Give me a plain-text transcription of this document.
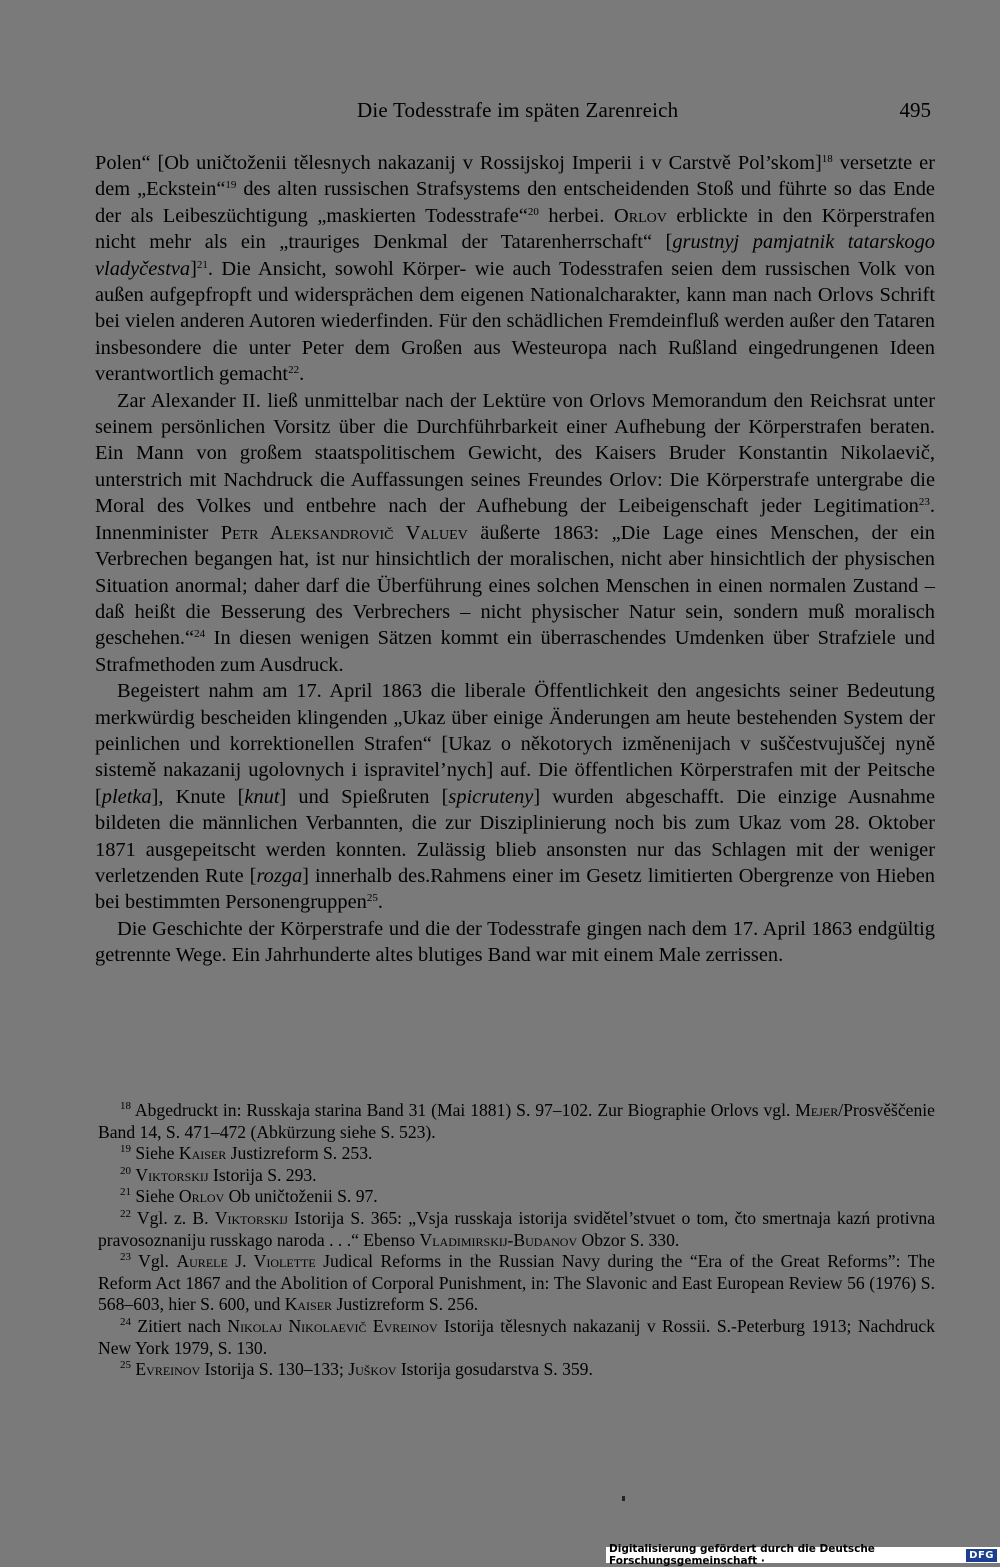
Die Todesstrafe im späten Zarenreich	495

Polen“ [Ob uničtoženii tělesnych nakazanij v Rossijskoj Imperii i v Carstvě Pol’skom]$^{18}$ versetzte er dem „Eckstein“$^{19}$ des alten russischen Strafsystems den entscheidenden Stoß und führte so das Ende der als Leibeszüchtigung „maskierten Todesstrafe“$^{20}$ herbei. Orlov erblickte in den Körperstrafen nicht mehr als ein „trauriges Denkmal der Tatarenherrschaft“ [grustnyj pamjatnik tatarskogo vladyčestva]$^{21}$. Die Ansicht, sowohl Körper- wie auch Todesstrafen seien dem russischen Volk von außen aufgepfropft und widersprächen dem eigenen Nationalcharakter, kann man nach Orlovs Schrift bei vielen anderen Autoren wiederfinden. Für den schädlichen Fremdeinfluß werden außer den Tataren insbesondere die unter Peter dem Großen aus Westeuropa nach Rußland eingedrungenen Ideen verantwortlich gemacht$^{22}$.

Zar Alexander II. ließ unmittelbar nach der Lektüre von Orlovs Memorandum den Reichsrat unter seinem persönlichen Vorsitz über die Durchführbarkeit einer Aufhebung der Körperstrafen beraten. Ein Mann von großem staatspolitischem Gewicht, des Kaisers Bruder Konstantin Nikolaevič, unterstrich mit Nachdruck die Auffassungen seines Freundes Orlov: Die Körperstrafe untergrabe die Moral des Volkes und entbehre nach der Aufhebung der Leibeigenschaft jeder Legitimation$^{23}$. Innenminister Petr Aleksandrovič Valuev äußerte 1863: „Die Lage eines Menschen, der ein Verbrechen begangen hat, ist nur hinsichtlich der moralischen, nicht aber hinsichtlich der physischen Situation anormal; daher darf die Überführung eines solchen Menschen in einen normalen Zustand – daß heißt die Besserung des Verbrechers – nicht physischer Natur sein, sondern muß moralisch geschehen.“$^{24}$ In diesen wenigen Sätzen kommt ein überraschendes Umdenken über Strafziele und Strafmethoden zum Ausdruck.

Begeistert nahm am 17. April 1863 die liberale Öffentlichkeit den angesichts seiner Bedeutung merkwürdig bescheiden klingenden „Ukaz über einige Änderungen am heute bestehenden System der peinlichen und korrektionellen Strafen“ [Ukaz o někotorych izměnenijach v suščestvujuščej nyně sistemě nakazanij ugolovnych i ispravitel’nych] auf. Die öffentlichen Körperstrafen mit der Peitsche [pletka], Knute [knut] und Spießruten [spicruteny] wurden abgeschafft. Die einzige Ausnahme bildeten die männlichen Verbannten, die zur Disziplinierung noch bis zum Ukaz vom 28. Oktober 1871 ausgepeitscht werden konnten. Zulässig blieb ansonsten nur das Schlagen mit der weniger verletzenden Rute [rozga] innerhalb des.Rahmens einer im Gesetz limitierten Obergrenze von Hieben bei bestimmten Personengruppen$^{25}$.

Die Geschichte der Körperstrafe und die der Todesstrafe gingen nach dem 17. April 1863 endgültig getrennte Wege. Ein Jahrhunderte altes blutiges Band war mit einem Male zerrissen.

$^{18}$ Abgedruckt in: Russkaja starina Band 31 (Mai 1881) S. 97–102. Zur Biographie Orlovs vgl. Mejer/Prosvěščenie Band 14, S. 471–472 (Abkürzung siehe S. 523).

$^{19}$ Siehe Kaiser Justizreform S. 253.

$^{20}$ Viktorskij Istorija S. 293.

$^{21}$ Siehe Orlov Ob uničtoženii S. 97.

$^{22}$ Vgl. z. B. Viktorskij Istorija S. 365: „Vsja russkaja istorija svidětel’stvuet o tom, čto smertnaja kazń protivna pravosoznaniju russkago naroda . . .“ Ebenso Vladimirskij-Budanov Obzor S. 330.

$^{23}$ Vgl. Aurele J. Violette Judical Reforms in the Russian Navy during the “Era of the Great Reforms”: The Reform Act 1867 and the Abolition of Corporal Punishment, in: The Slavonic and East European Review 56 (1976) S. 568–603, hier S. 600, und Kaiser Justizreform S. 256.

$^{24}$ Zitiert nach Nikolaj Nikolaevič Evreinov Istorija tělesnych nakazanij v Rossii. S.-Peterburg 1913; Nachdruck New York 1979, S. 130.

$^{25}$ Evreinov Istorija S. 130–133; Juškov Istorija gosudarstva S. 359.

Digitalisierung gefördert durch die Deutsche Forschungsgemeinschaft ·	DFG
